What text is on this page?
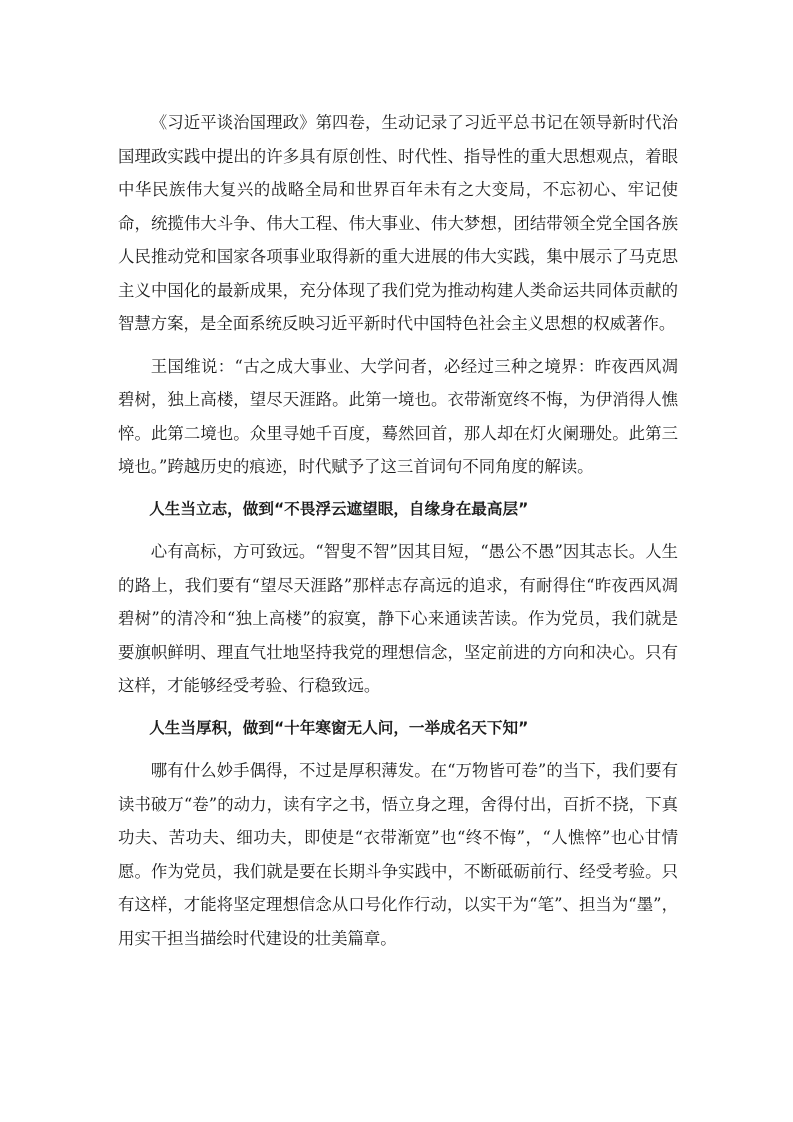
《习近平谈治国理政》第四卷，生动记录了习近平总书记在领导新时代治国理政实践中提出的许多具有原创性、时代性、指导性的重大思想观点，着眼中华民族伟大复兴的战略全局和世界百年未有之大变局，不忘初心、牢记使命，统揽伟大斗争、伟大工程、伟大事业、伟大梦想，团结带领全党全国各族人民推动党和国家各项事业取得新的重大进展的伟大实践，集中展示了马克思主义中国化的最新成果，充分体现了我们党为推动构建人类命运共同体贡献的智慧方案，是全面系统反映习近平新时代中国特色社会主义思想的权威著作。

王国维说：“古之成大事业、大学问者，必经过三种之境界：昨夜西风凋碧树，独上高楼，望尽天涯路。此第一境也。衣带渐宽终不悔，为伊消得人憔悴。此第二境也。众里寻她千百度，蓦然回首，那人却在灯火阑珊处。此第三境也。”跨越历史的痕迹，时代赋予了这三首词句不同角度的解读。

人生当立志，做到“不畏浮云遮望眼，自缘身在最高层”

心有高标，方可致远。“智叟不智”因其目短，“愚公不愚”因其志长。人生的路上，我们要有“望尽天涯路”那样志存高远的追求，有耐得住“昨夜西风凋碧树”的清冷和“独上高楼”的寂寞，静下心来通读苦读。作为党员，我们就是要旗帜鲜明、理直气壮地坚持我党的理想信念，坚定前进的方向和决心。只有这样，才能够经受考验、行稳致远。

人生当厚积，做到“十年寒窗无人问，一举成名天下知”

哪有什么妙手偶得，不过是厚积薄发。在“万物皆可卷”的当下，我们要有读书破万“卷”的动力，读有字之书，悟立身之理，舍得付出，百折不挠，下真功夫、苦功夫、细功夫，即使是“衣带渐宽”也“终不悔”，“人憔悴”也心甘情愿。作为党员，我们就是要在长期斗争实践中，不断砥砺前行、经受考验。只有这样，才能将坚定理想信念从口号化作行动，以实干为“笔”、担当为“墨”，用实干担当描绘时代建设的壮美篇章。
